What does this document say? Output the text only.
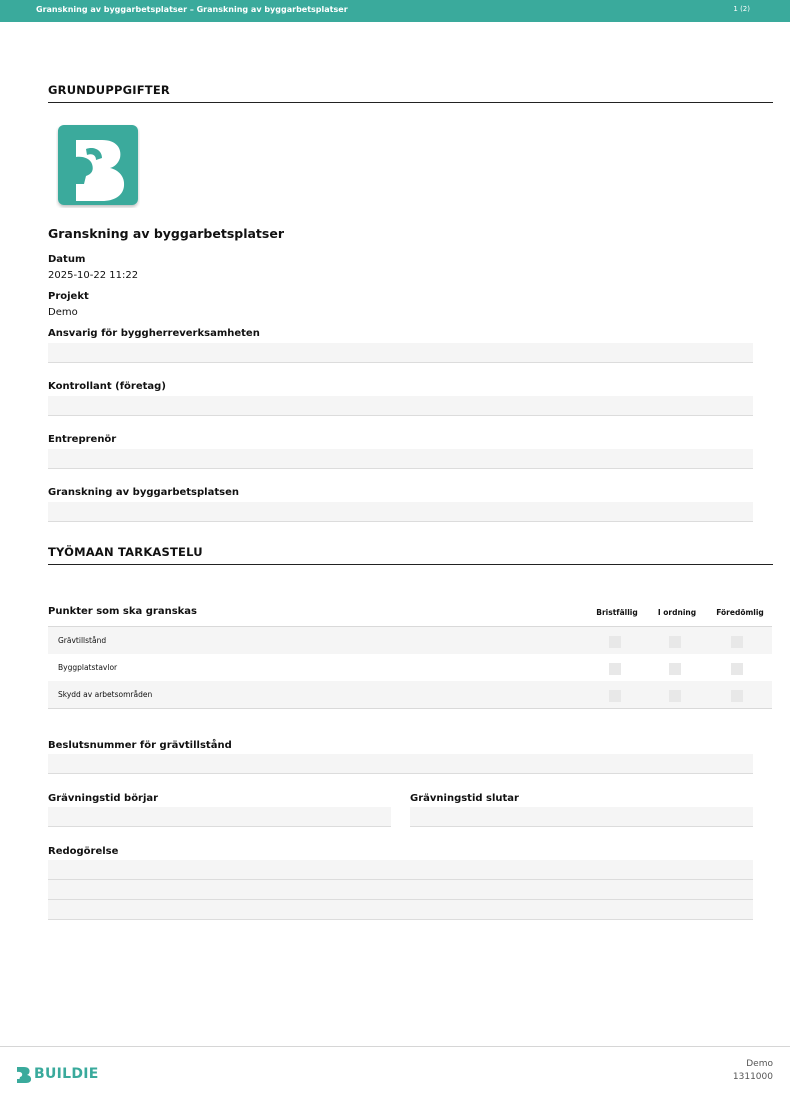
Granskning av byggarbetsplatser – Granskning av byggarbetsplatser	1 (2)
GRUNDUPPGIFTER
Granskning av byggarbetsplatser
Datum
2025-10-22 11:22
Projekt
Demo
Ansvarig för byggherreverksamheten
Kontrollant (företag)
Entreprenör
Granskning av byggarbetsplatsen
TYÖMAAN TARKASTELU
Punkter som ska granskas	Bristfällig	I ordning	Föredömlig
Grävtillstånd
Byggplatstavlor
Skydd av arbetsområden
Beslutsnummer för grävtillstånd
Grävningstid börjar	Grävningstid slutar
Redogörelse
BUILDIE
Demo
1311000
